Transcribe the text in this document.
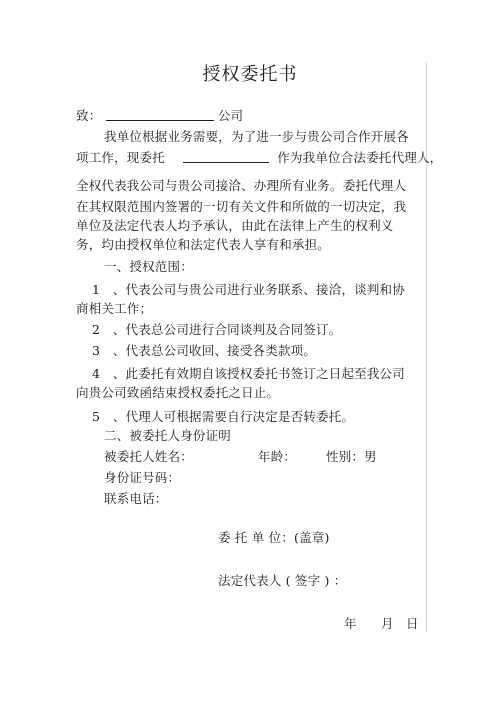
授权委托书
致：	公司
我单位根据业务需要，为了进一步与贵公司合作开展各
项工作，现委托	作为我单位合法委托代理人，
全权代表我公司与贵公司接洽、办理所有业务。委托代理人
在其权限范围内签署的一切有关文件和所做的一切决定，我
单位及法定代表人均予承认，由此在法律上产生的权利义
务，均由授权单位和法定代表人享有和承担。
一、授权范围：
1　、代表公司与贵公司进行业务联系、接洽，谈判和协
商相关工作；
2　、代表总公司进行合同谈判及合同签订。
3　、代表总公司收回、接受各类款项。
4　、此委托有效期自该授权委托书签订之日起至我公司
向贵公司致函结束授权委托之日止。
5　、代理人可根据需要自行决定是否转委托。
二、被委托人身份证明
被委托人姓名：	年龄： 性别：男
身份证号码：
联系电话：
委 托 单 位：(盖章)
法定代表人 ( 签字 ) ：
年 月 日
